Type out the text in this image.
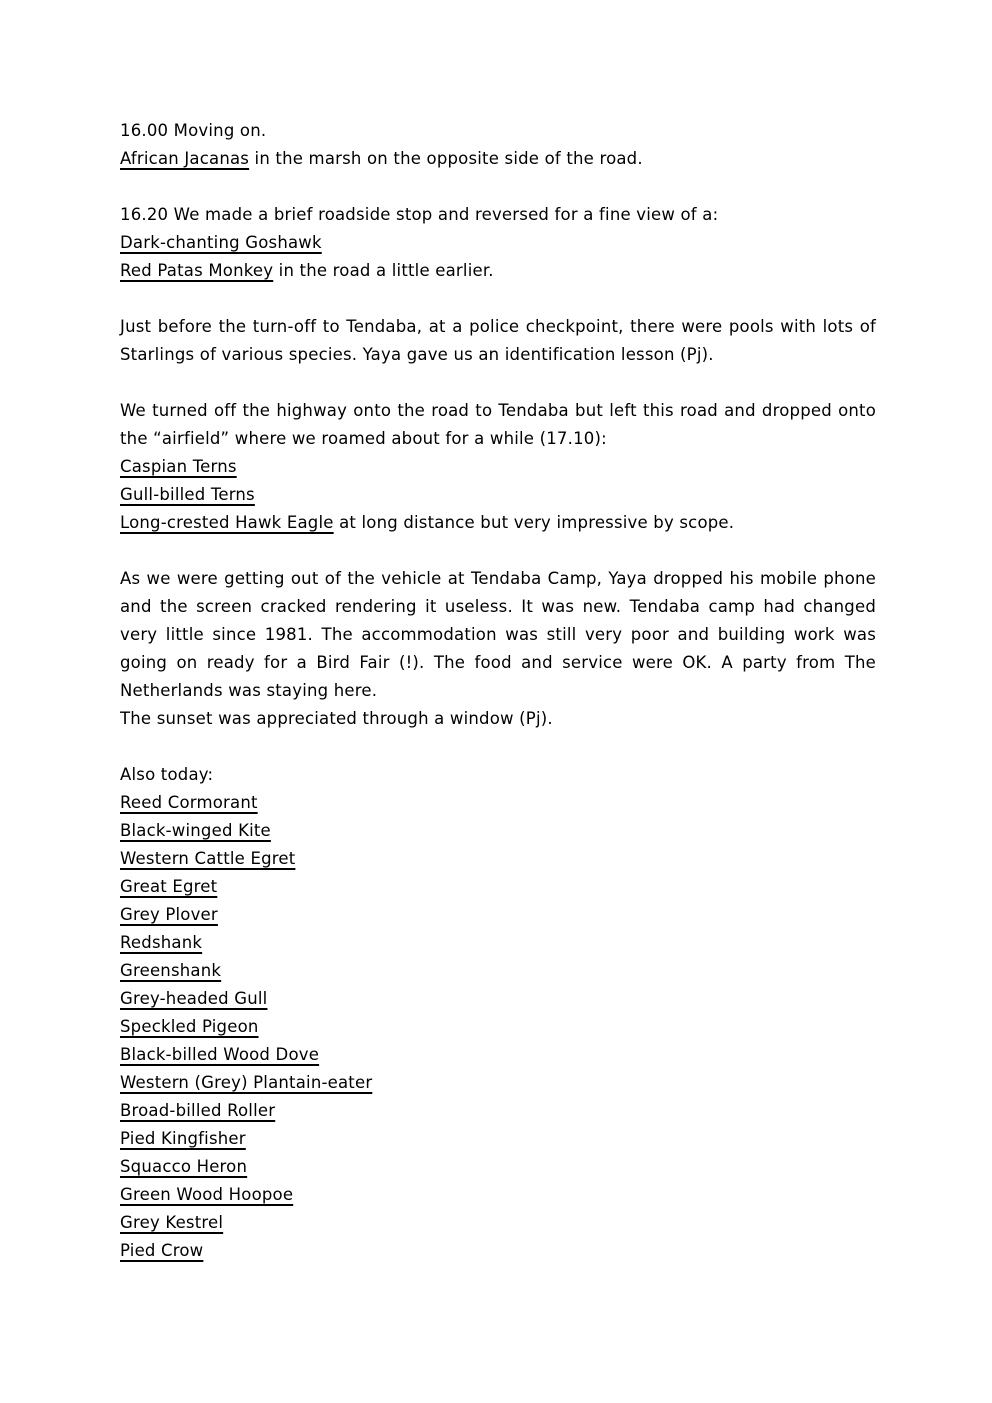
16.00 Moving on.
African Jacanas in the marsh on the opposite side of the road.
16.20 We made a brief roadside stop and reversed for a fine view of a:
Dark-chanting Goshawk
Red Patas Monkey in the road a little earlier.
Just before the turn-off to Tendaba, at a police checkpoint, there were pools with lots of Starlings of various species. Yaya gave us an identification lesson (Pj).
We turned off the highway onto the road to Tendaba but left this road and dropped onto the “airfield” where we roamed about for a while (17.10):
Caspian Terns
Gull-billed Terns
Long-crested Hawk Eagle at long distance but very impressive by scope.
As we were getting out of the vehicle at Tendaba Camp, Yaya dropped his mobile phone and the screen cracked rendering it useless. It was new. Tendaba camp had changed very little since 1981. The accommodation was still very poor and building work was going on ready for a Bird Fair (!). The food and service were OK. A party from The Netherlands was staying here.
The sunset was appreciated through a window (Pj).
Also today:
Reed Cormorant
Black-winged Kite
Western Cattle Egret
Great Egret
Grey Plover
Redshank
Greenshank
Grey-headed Gull
Speckled Pigeon
Black-billed Wood Dove
Western (Grey) Plantain-eater
Broad-billed Roller
Pied Kingfisher
Squacco Heron
Green Wood Hoopoe
Grey Kestrel
Pied Crow
